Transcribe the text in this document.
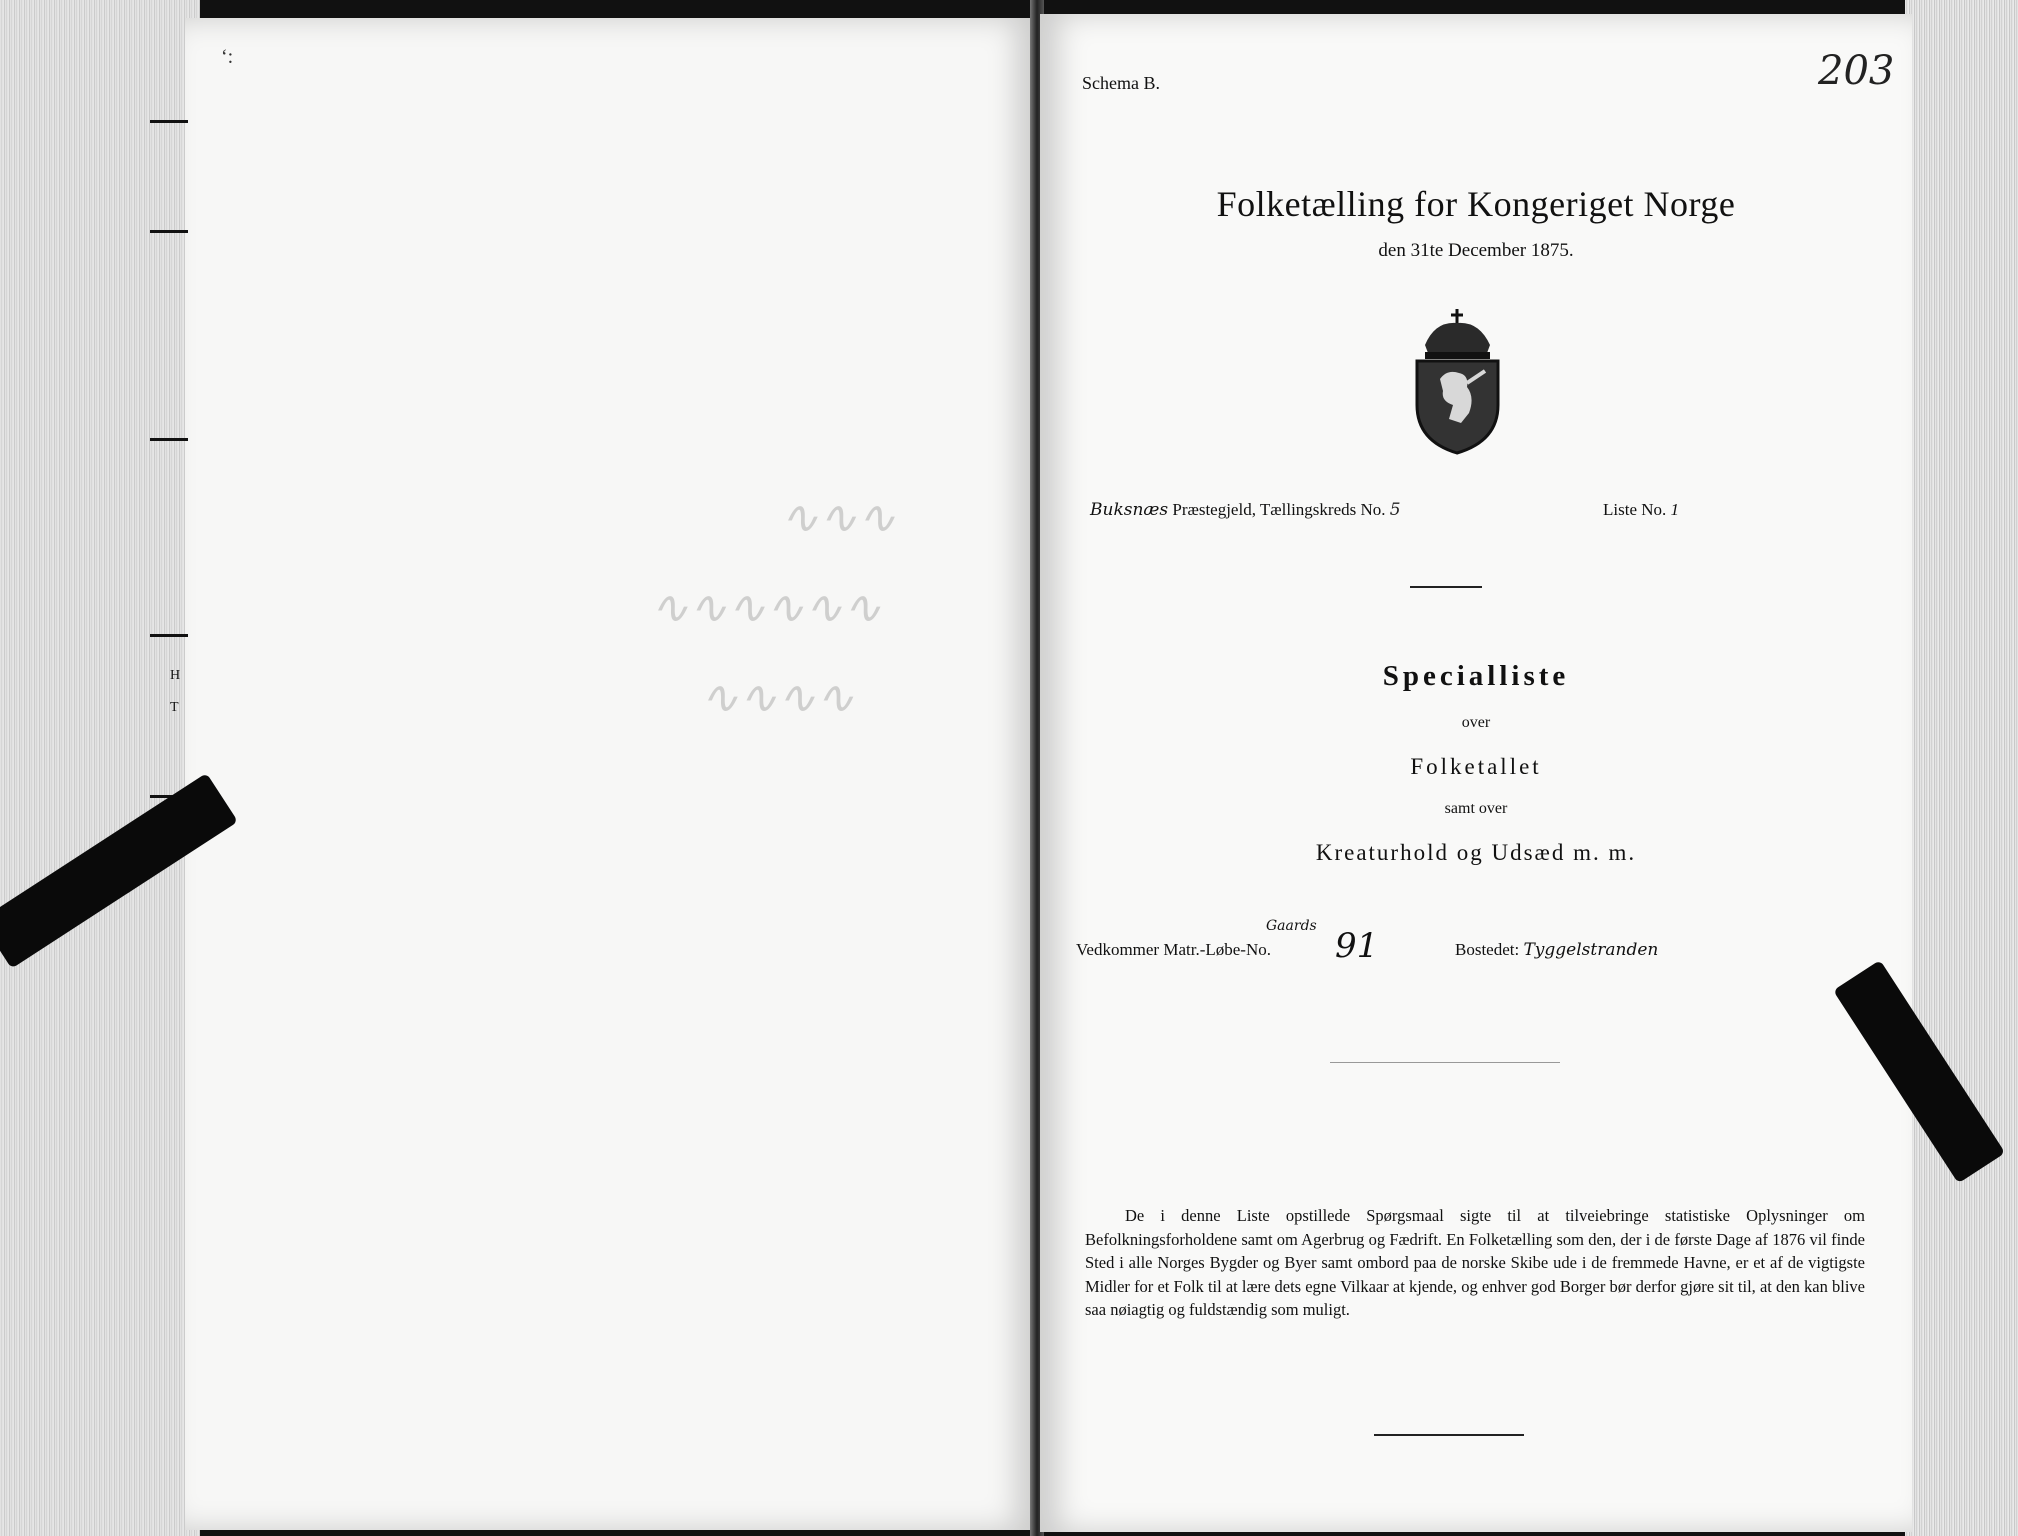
H
T
∿∿∿
∿∿∿∿∿∿
∿∿∿∿
ʻ:
Schema B.	203
Folketælling for Kongeriget Norge
den 31te December 1875.
Buksnæs Præstegjeld, Tællingskreds No. 5	Liste No. 1
Specialliste
over
Folketallet
samt over
Kreaturhold og Udsæd m. m.
Vedkommer Matr.-Løbe-No.
Gaards 91	Bostedet: Tyggelstranden
De i denne Liste opstillede Spørgsmaal sigte til at tilveiebringe statistiske Oplysninger om Befolkningsforholdene samt om Agerbrug og Fædrift. En Folketælling som den, der i de første Dage af 1876 vil finde Sted i alle Norges Bygder og Byer samt ombord paa de norske Skibe ude i de fremmede Havne, er et af de vigtigste Midler for et Folk til at lære dets egne Vilkaar at kjende, og enhver god Borger bør derfor gjøre sit til, at den kan blive saa nøiagtig og fuldstændig som muligt.
